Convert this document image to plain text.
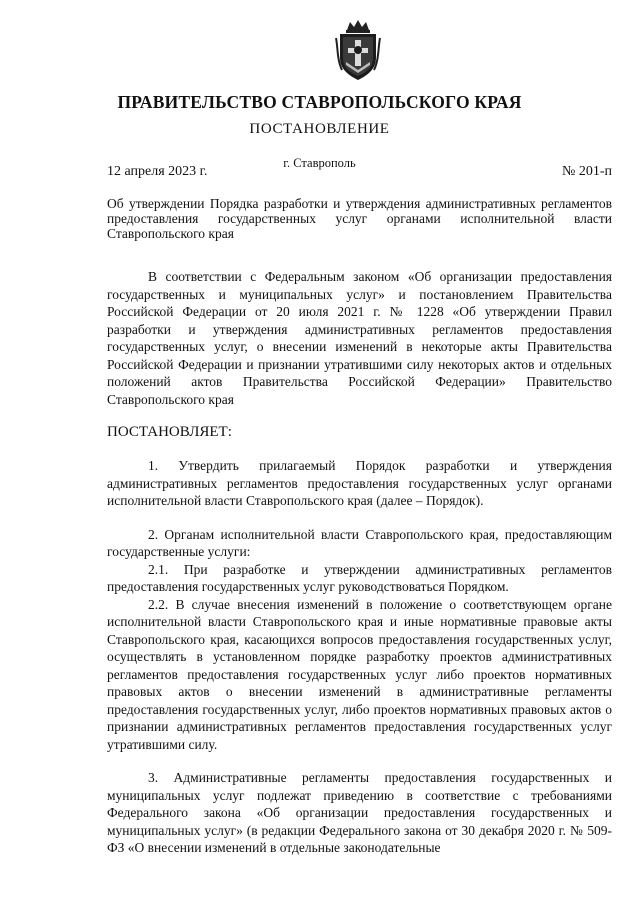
ПРАВИТЕЛЬСТВО СТАВРОПОЛЬСКОГО КРАЯ
ПОСТАНОВЛЕНИЕ
г. Ставрополь
12 апреля 2023 г.	№ 201-п
Об утверждении Порядка разработки и утверждения административных регламентов предоставления государственных услуг органами исполнительной власти Ставропольского края

В соответствии с Федеральным законом «Об организации предоставления государственных и муниципальных услуг» и постановлением Правительства Российской Федерации от 20 июля 2021 г. № 1228 «Об утверждении Правил разработки и утверждения административных регламентов предоставления государственных услуг, о внесении изменений в некоторые акты Правительства Российской Федерации и признании утратившими силу некоторых актов и отдельных положений актов Правительства Российской Федерации» Правительство Ставропольского края

ПОСТАНОВЛЯЕТ:

1. Утвердить прилагаемый Порядок разработки и утверждения административных регламентов предоставления государственных услуг органами исполнительной власти Ставропольского края (далее – Порядок).

2. Органам исполнительной власти Ставропольского края, предоставляющим государственные услуги:

2.1. При разработке и утверждении административных регламентов предоставления государственных услуг руководствоваться Порядком.

2.2. В случае внесения изменений в положение о соответствующем органе исполнительной власти Ставропольского края и иные нормативные правовые акты Ставропольского края, касающихся вопросов предоставления государственных услуг, осуществлять в установленном порядке разработку проектов административных регламентов предоставления государственных услуг либо проектов нормативных правовых актов о внесении изменений в административные регламенты предоставления государственных услуг, либо проектов нормативных правовых актов о признании административных регламентов предоставления государственных услуг утратившими силу.

3. Административные регламенты предоставления государственных и муниципальных услуг подлежат приведению в соответствие с требованиями Федерального закона «Об организации предоставления государственных и муниципальных услуг» (в редакции Федерального закона от 30 декабря 2020 г. № 509-ФЗ «О внесении изменений в отдельные законодательные
